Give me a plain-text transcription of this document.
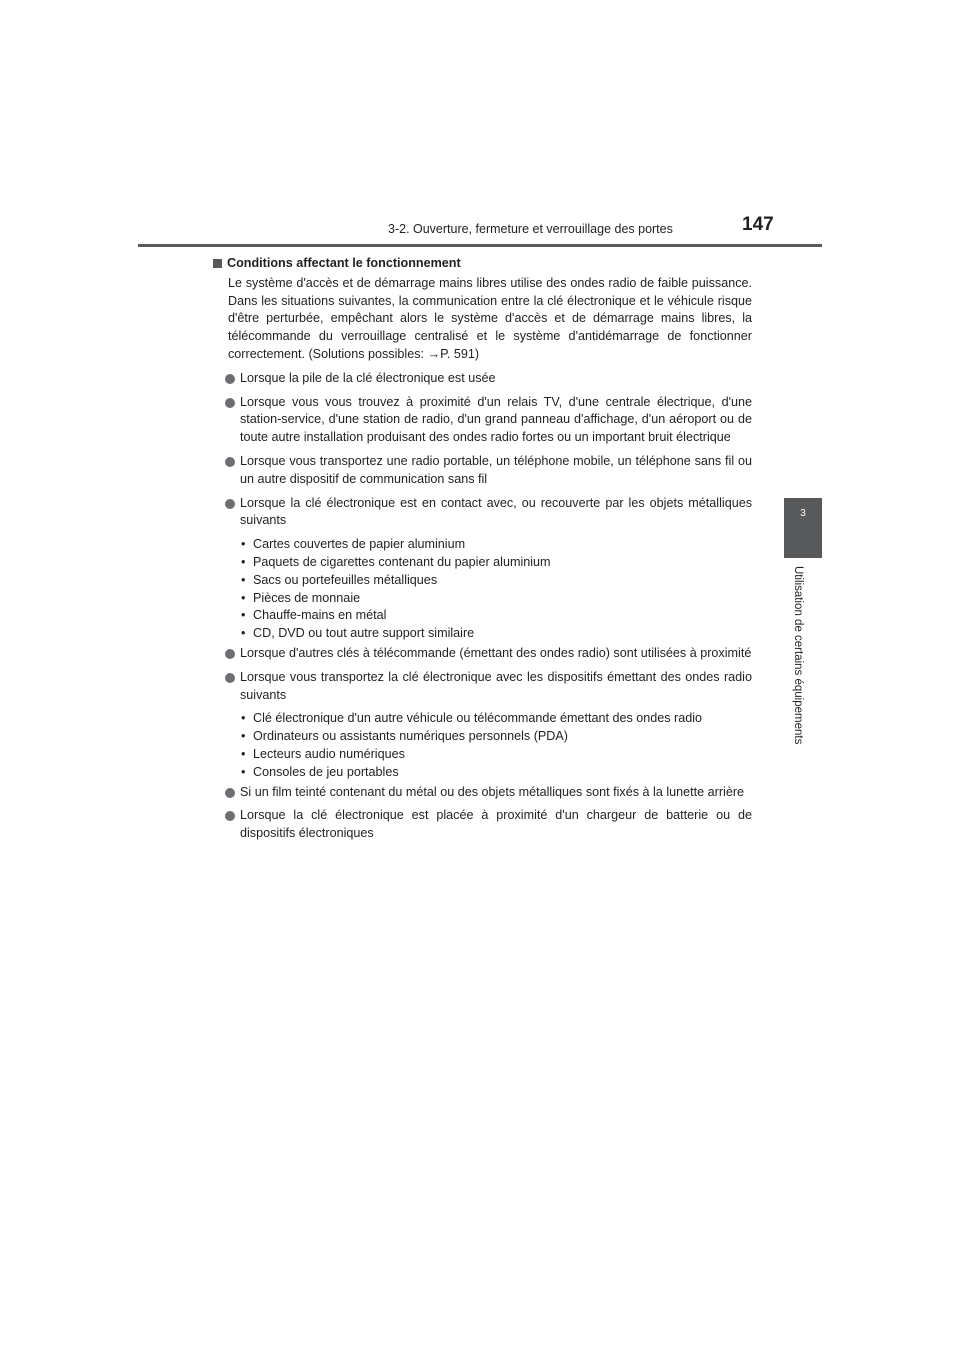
3-2. Ouverture, fermeture et verrouillage des portes	147
3
Utilisation de certains équipements
Conditions affectant le fonctionnement

Le système d'accès et de démarrage mains libres utilise des ondes radio de faible puissance. Dans les situations suivantes, la communication entre la clé électronique et le véhicule risque d'être perturbée, empêchant alors le système d'accès et de démarrage mains libres, la télécommande du verrouillage centralisé et le système d'antidémarrage de fonctionner correctement. (Solutions possibles: →P. 591)

Lorsque la pile de la clé électronique est usée
Lorsque vous vous trouvez à proximité d'un relais TV, d'une centrale électrique, d'une station-service, d'une station de radio, d'un grand panneau d'affichage, d'un aéroport ou de toute autre installation produisant des ondes radio fortes ou un important bruit électrique
Lorsque vous transportez une radio portable, un téléphone mobile, un téléphone sans fil ou un autre dispositif de communication sans fil
Lorsque la clé électronique est en contact avec, ou recouverte par les objets métalliques suivants
• Cartes couvertes de papier aluminium
• Paquets de cigarettes contenant du papier aluminium
• Sacs ou portefeuilles métalliques
• Pièces de monnaie
• Chauffe-mains en métal
• CD, DVD ou tout autre support similaire
Lorsque d'autres clés à télécommande (émettant des ondes radio) sont utilisées à proximité
Lorsque vous transportez la clé électronique avec les dispositifs émettant des ondes radio suivants
• Clé électronique d'un autre véhicule ou télécommande émettant des ondes radio
• Ordinateurs ou assistants numériques personnels (PDA)
• Lecteurs audio numériques
• Consoles de jeu portables
Si un film teinté contenant du métal ou des objets métalliques sont fixés à la lunette arrière
Lorsque la clé électronique est placée à proximité d'un chargeur de batterie ou de dispositifs électroniques
